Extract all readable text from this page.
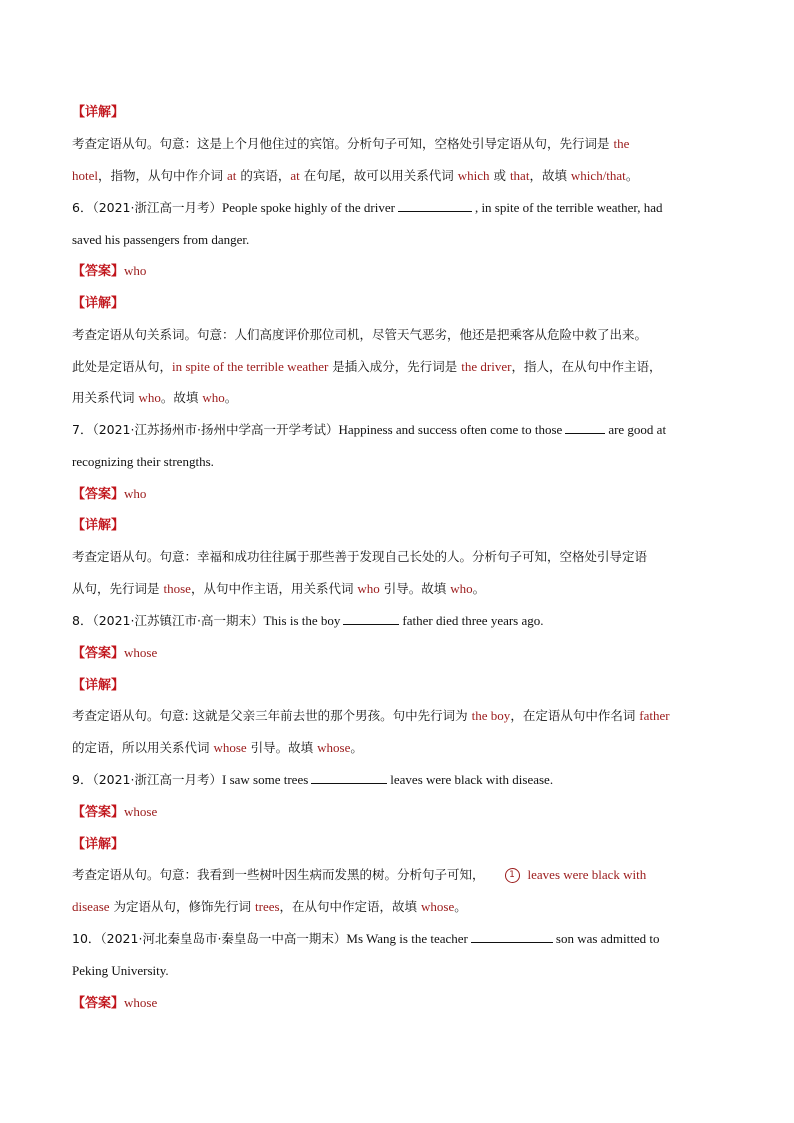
【详解】
考查定语从句。句意：这是上个月他住过的宾馆。分析句子可知，空格处引导定语从句，先行词是 the
hotel，指物，从句中作介词 at 的宾语，at 在句尾，故可以用关系代词 which 或 that，故填 which/that。
6．（2021·浙江高一月考）People spoke highly of the driver	, in spite of the terrible weather, had
saved his passengers from danger.
【答案】who
【详解】
考查定语从句关系词。句意：人们高度评价那位司机，尽管天气恶劣，他还是把乘客从危险中救了出来。
此处是定语从句，in spite of the terrible weather 是插入成分，先行词是 the driver，指人，在从句中作主语，
用关系代词 who。故填 who。
7．（2021·江苏扬州市·扬州中学高一开学考试）Happiness and success often come to those	are good at
recognizing their strengths.
【答案】who
【详解】
考查定语从句。句意：幸福和成功往往属于那些善于发现自己长处的人。分析句子可知，空格处引导定语
从句，先行词是 those，从句中作主语，用关系代词 who 引导。故填 who。
8．（2021·江苏镇江市·高一期末）This is the boy	father died three years ago.
【答案】whose
【详解】
考查定语从句。句意: 这就是父亲三年前去世的那个男孩。句中先行词为 the boy，在定语从句中作名词 father
的定语，所以用关系代词 whose 引导。故填 whose。
9．（2021·浙江高一月考）I saw some trees	leaves were black with disease.
【答案】whose
【详解】
考查定语从句。句意：我看到一些树叶因生病而发黑的树。分析句子可知，	1 leaves were black with
disease 为定语从句，修饰先行词 trees，在从句中作定语，故填 whose。
10．（2021·河北秦皇岛市·秦皇岛一中高一期末）Ms Wang is the teacher	son was admitted to
Peking University.
【答案】whose
